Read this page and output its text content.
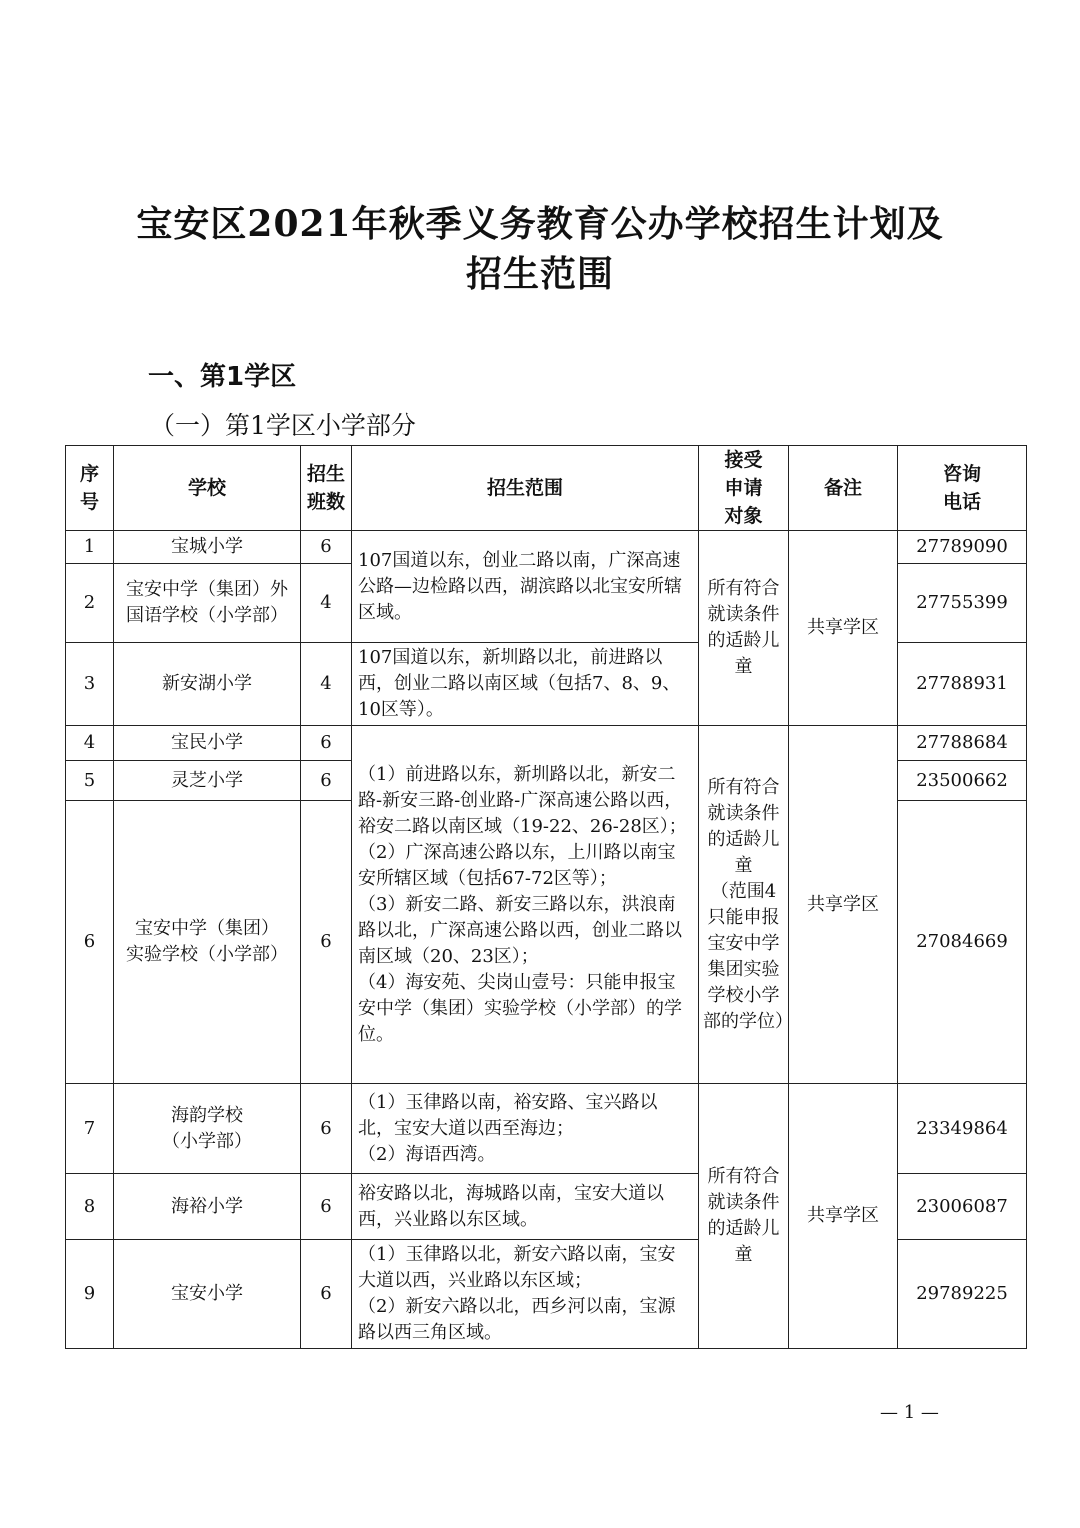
宝安区2021年秋季义务教育公办学校招生计划及
招生范围
一、第1学区
（一）第1学区小学部分
序
号	学校	招生
班数	招生范围	接受
申请
对象	备注	咨询
电话
1	宝城小学	6	107国道以东，创业二路以南，广深高速公路—边检路以西，湖滨路以北宝安所辖区域。	所有符合就读条件的适龄儿童	共享学区	27789090
2	宝安中学（集团）外国语学校（小学部）	4				27755399
3	新安湖小学	4	107国道以东，新圳路以北，前进路以西，创业二路以南区域（包括7、8、9、10区等）。			27788931
4	宝民小学	6	（1）前进路以东，新圳路以北，新安二路-新安三路-创业路-广深高速公路以西，裕安二路以南区域（19-22、26-28区）；
（2）广深高速公路以东，上川路以南宝安所辖区域（包括67-72区等）；
（3）新安二路、新安三路以东，洪浪南路以北，广深高速公路以西，创业二路以南区域（20、23区）；
（4）海安苑、尖岗山壹号：只能申报宝安中学（集团）实验学校（小学部）的学位。	所有符合就读条件的适龄儿童
（范围4只能申报宝安中学集团实验学校小学部的学位）	共享学区	27788684
5	灵芝小学	6				23500662
6	宝安中学（集团）
实验学校（小学部）	6				27084669
7	海韵学校
（小学部）	6	（1）玉律路以南，裕安路、宝兴路以北，宝安大道以西至海边；
（2）海语西湾。	所有符合就读条件的适龄儿童	共享学区	23349864
8	海裕小学	6	裕安路以北，海城路以南，宝安大道以西，兴业路以东区域。			23006087
9	宝安小学	6	（1）玉律路以北，新安六路以南，宝安大道以西，兴业路以东区域；
（2）新安六路以北，西乡河以南，宝源路以西三角区域。			29789225
— 1 —
